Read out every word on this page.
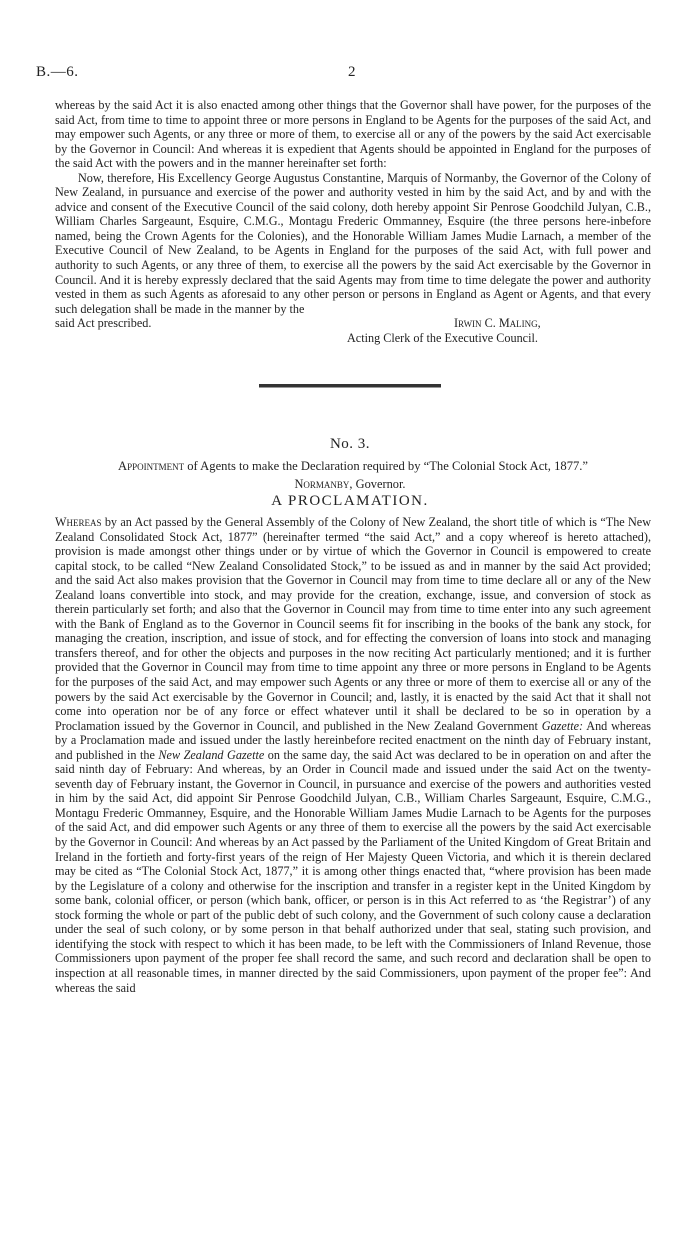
B.—6.	2

whereas by the said Act it is also enacted among other things that the Governor shall have power, for the purposes of the said Act, from time to time to appoint three or more persons in England to be Agents for the purposes of the said Act, and may empower such Agents, or any three or more of them, to exercise all or any of the powers by the said Act exercisable by the Governor in Council: And whereas it is expedient that Agents should be appointed in England for the purposes of the said Act with the powers and in the manner hereinafter set forth:

Now, therefore, His Excellency George Augustus Constantine, Marquis of Normanby, the Governor of the Colony of New Zealand, in pursuance and exercise of the power and authority vested in him by the said Act, and by and with the advice and consent of the Executive Council of the said colony, doth hereby appoint Sir Penrose Goodchild Julyan, C.B., William Charles Sargeaunt, Esquire, C.M.G., Montagu Frederic Ommanney, Esquire (the three persons here-inbefore named, being the Crown Agents for the Colonies), and the Honorable William James Mudie Larnach, a member of the Executive Council of New Zealand, to be Agents in England for the purposes of the said Act, with full power and authority to such Agents, or any three of them, to exercise all the powers by the said Act exercisable by the Governor in Council. And it is hereby expressly declared that the said Agents may from time to time delegate the power and authority vested in them as such Agents as aforesaid to any other person or persons in England as Agent or Agents, and that every such delegation shall be made in the manner by the

said Act prescribed.	Irwin C. Maling,
Acting Clerk of the Executive Council.
No. 3.
Appointment of Agents to make the Declaration required by “The Colonial Stock Act, 1877.”
Normanby, Governor.
A PROCLAMATION.

Whereas by an Act passed by the General Assembly of the Colony of New Zealand, the short title of which is “The New Zealand Consolidated Stock Act, 1877” (hereinafter termed “the said Act,” and a copy whereof is hereto attached), provision is made amongst other things under or by virtue of which the Governor in Council is empowered to create capital stock, to be called “New Zealand Consolidated Stock,” to be issued as and in manner by the said Act provided; and the said Act also makes provision that the Governor in Council may from time to time declare all or any of the New Zealand loans convertible into stock, and may provide for the creation, exchange, issue, and conversion of stock as therein particularly set forth; and also that the Governor in Council may from time to time enter into any such agreement with the Bank of England as to the Governor in Council seems fit for inscribing in the books of the bank any stock, for managing the creation, inscription, and issue of stock, and for effecting the conversion of loans into stock and managing transfers thereof, and for other the objects and purposes in the now reciting Act particularly mentioned; and it is further provided that the Governor in Council may from time to time appoint any three or more persons in England to be Agents for the purposes of the said Act, and may empower such Agents or any three or more of them to exercise all or any of the powers by the said Act exercisable by the Governor in Council; and, lastly, it is enacted by the said Act that it shall not come into operation nor be of any force or effect whatever until it shall be declared to be so in operation by a Proclamation issued by the Governor in Council, and published in the New Zealand Government Gazette: And whereas by a Proclamation made and issued under the lastly hereinbefore recited enactment on the ninth day of February instant, and published in the New Zealand Gazette on the same day, the said Act was declared to be in operation on and after the said ninth day of February: And whereas, by an Order in Council made and issued under the said Act on the twenty-seventh day of February instant, the Governor in Council, in pursuance and exercise of the powers and authorities vested in him by the said Act, did appoint Sir Penrose Goodchild Julyan, C.B., William Charles Sargeaunt, Esquire, C.M.G., Montagu Frederic Ommanney, Esquire, and the Honorable William James Mudie Larnach to be Agents for the purposes of the said Act, and did empower such Agents or any three of them to exercise all the powers by the said Act exercisable by the Governor in Council: And whereas by an Act passed by the Parliament of the United Kingdom of Great Britain and Ireland in the fortieth and forty-first years of the reign of Her Majesty Queen Victoria, and which it is therein declared may be cited as “The Colonial Stock Act, 1877,” it is among other things enacted that, “where provision has been made by the Legislature of a colony and otherwise for the inscription and transfer in a register kept in the United Kingdom by some bank, colonial officer, or person (which bank, officer, or person is in this Act referred to as ‘the Registrar’) of any stock forming the whole or part of the public debt of such colony, and the Government of such colony cause a declaration under the seal of such colony, or by some person in that behalf authorized under that seal, stating such provision, and identifying the stock with respect to which it has been made, to be left with the Commissioners of Inland Revenue, those Commissioners upon payment of the proper fee shall record the same, and such record and declaration shall be open to inspection at all reasonable times, in manner directed by the said Commissioners, upon payment of the proper fee”: And whereas the said
